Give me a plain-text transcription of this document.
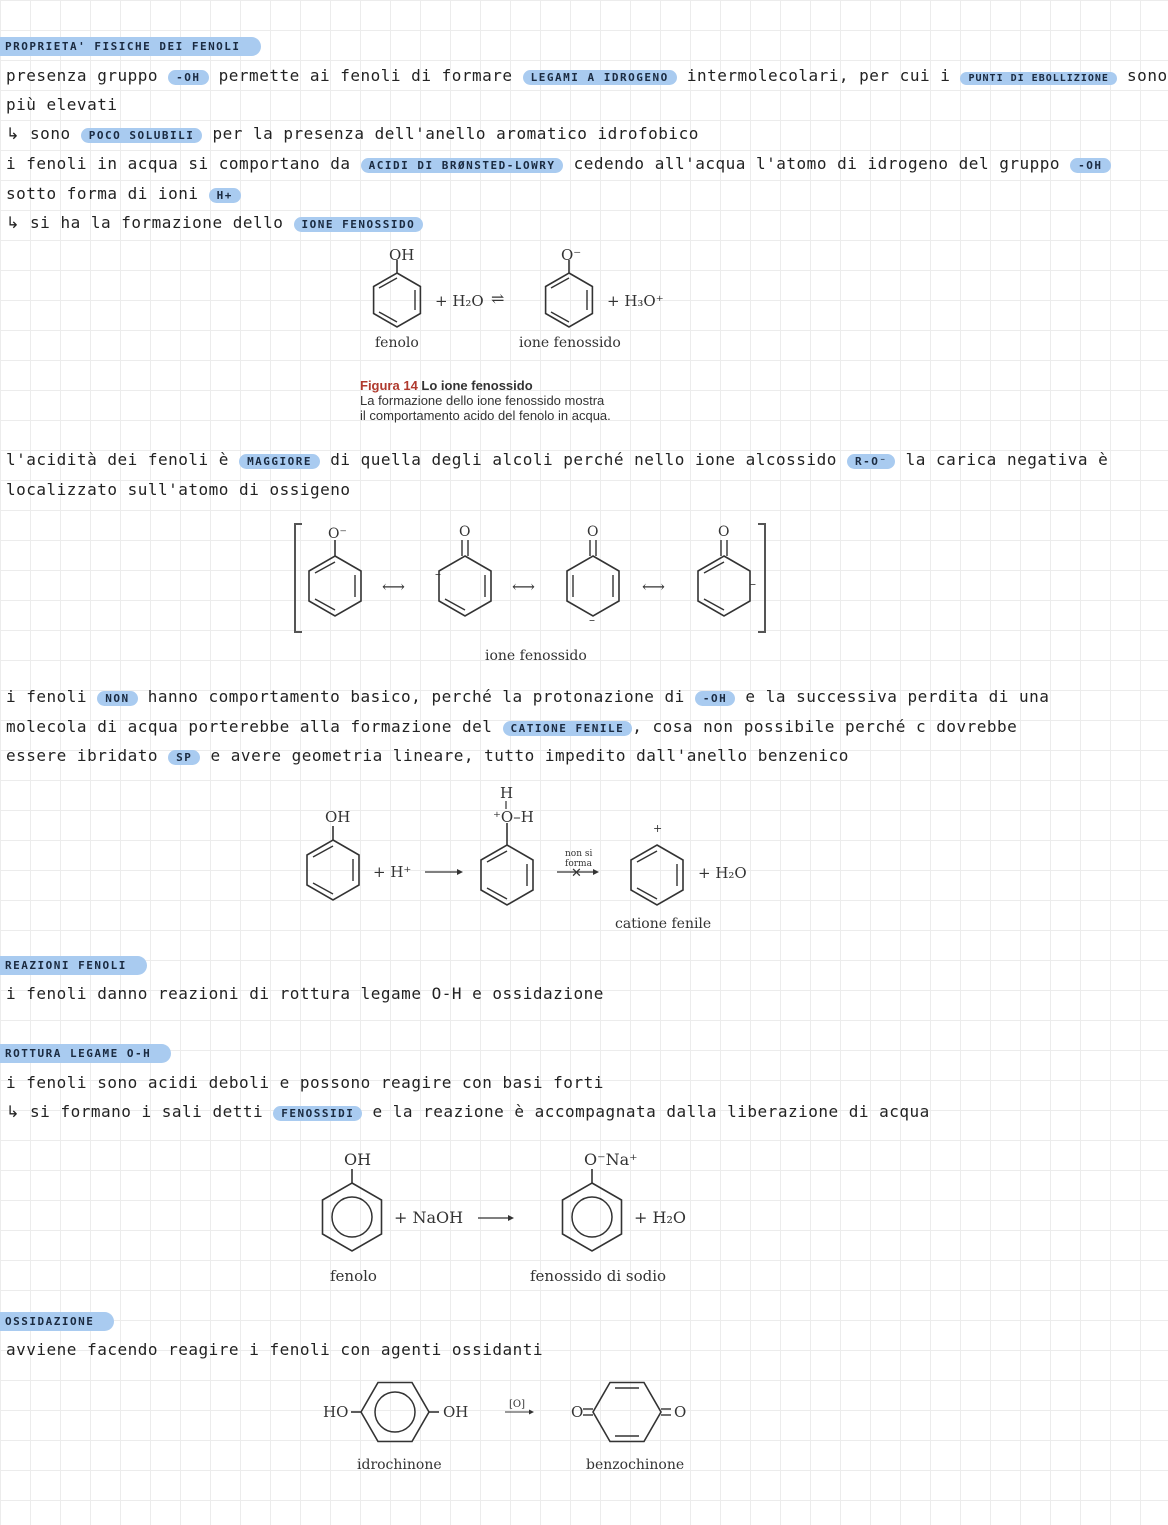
PROPRIETA' FISICHE DEI FENOLI
presenza gruppo -OH permette ai fenoli di formare LEGAMI A IDROGENO intermolecolari, per cui i PUNTI DI EBOLLIZIONE sono
più elevati
↳ sono POCO SOLUBILI per la presenza dell'anello aromatico idrofobico
i fenoli in acqua si comportano da ACIDI DI BRØNSTED-LOWRY cedendo all'acqua l'atomo di idrogeno del gruppo -OH
sotto forma di ioni H+
↳ si ha la formazione dello IONE FENOSSIDO
OH
+ H₂O ⇌
O⁻
+ H₃O⁺
fenolo	ione fenossido
Figura 14 Lo ione fenossido
La formazione dello ione fenossido mostra
il comportamento acido del fenolo in acqua.
l'acidità dei fenoli è MAGGIORE di quella degli alcoli perché nello ione alcossido R-O⁻ la carica negativa è
localizzato sull'atomo di ossigeno
O⁻
⟷
–
O
⟷
–
O
⟷	–
O
ione fenossido
i fenoli NON hanno comportamento basico, perché la protonazione di -OH e la successiva perdita di una
molecola di acqua porterebbe alla formazione del CATIONE FENILE , cosa non possibile perché c dovrebbe
essere ibridato SP e avere geometria lineare, tutto impedito dall'anello benzenico
OH
+ H⁺
H
⁺O–H
non si
forma
✕
+
+ H₂O
catione fenile
REAZIONI FENOLI
i fenoli danno reazioni di rottura legame O-H e ossidazione
ROTTURA LEGAME O-H
i fenoli sono acidi deboli e possono reagire con basi forti
↳ si formano i sali detti FENOSSIDI e la reazione è accompagnata dalla liberazione di acqua
OH
+ NaOH
O⁻Na⁺
+ H₂O
fenolo	fenossido di sodio
OSSIDAZIONE
avviene facendo reagire i fenoli con agenti ossidanti
HO	OH	[O]	O	O
idrochinone	benzochinone
